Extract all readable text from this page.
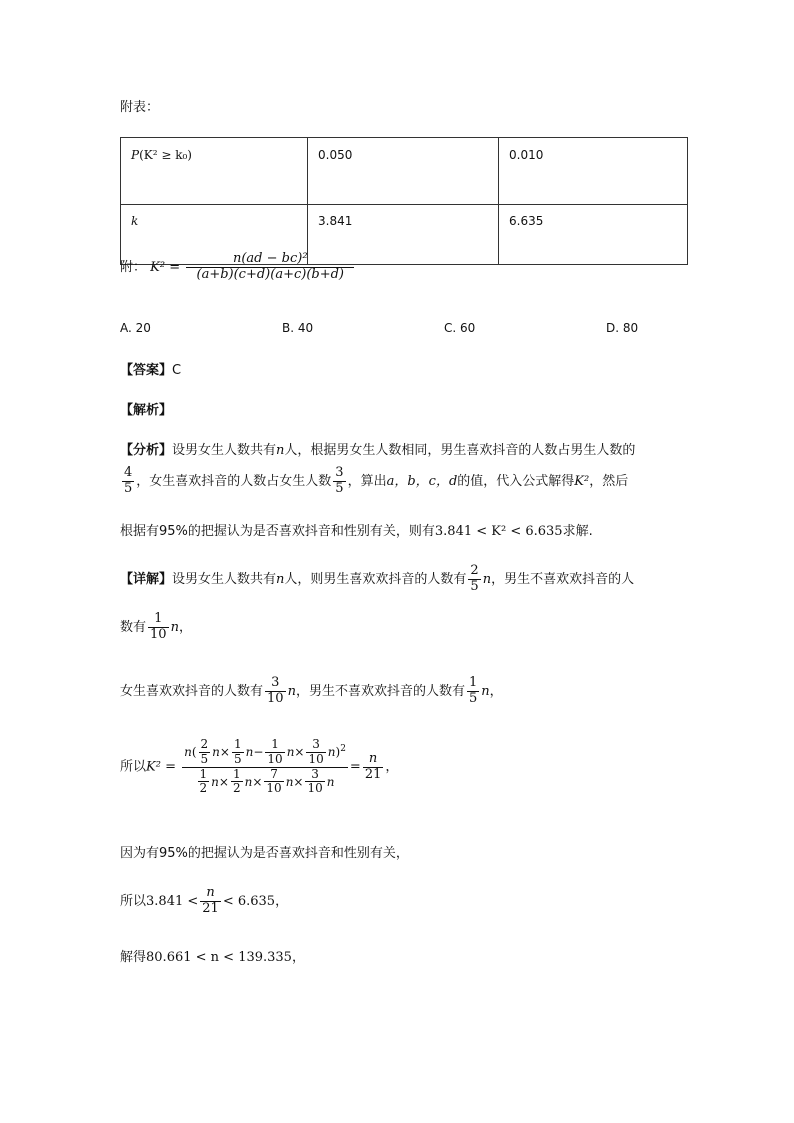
附表：
P(K² ≥ k₀)	0.050	0.010
k	3.841	6.635
附： $K^2 = \frac{\text{n(ad − bc)²}}{(a+b)(c+d)(a+c)(b+d)}$
A. 20	B. 40	C. 60	D. 80
【答案】C
【解析】
【分析】设男女生人数共有n人，根据男女生人数相同，男生喜欢抖音的人数占男生人数的
$\frac{4}{5}$ ，女生喜欢抖音的人数占女生人数 $\frac{3}{5}$ ，算出a，b，c，d的值，代入公式解得K²，然后
根据有95%的把握认为是否喜欢抖音和性别有关，则有3.841 < K² < 6.635求解.
【详解】设男女生人数共有n人，则男生喜欢欢抖音的人数有 $\frac{2}{5}$ n，男生不喜欢欢抖音的人
数有 $\frac{1}{10}$ n，
女生喜欢欢抖音的人数有 $\frac{3}{10}$ n，男生不喜欢欢抖音的人数有 $\frac{1}{5}$ n，
所以$K^2 = \frac{n( \frac{2}{5} n\times \frac{1}{5} n- \frac{1}{10} n\times \frac{3}{10} n)^2}{\frac{1}{2} n\times \frac{1}{2} n\times \frac{7}{10} n\times \frac{3}{10} n} = \frac{n}{21}$ ，
因为有95%的把握认为是否喜欢抖音和性别有关，
所以$3.841 < \frac{n}{21} < 6.635$，
解得80.661 < n < 139.335，
